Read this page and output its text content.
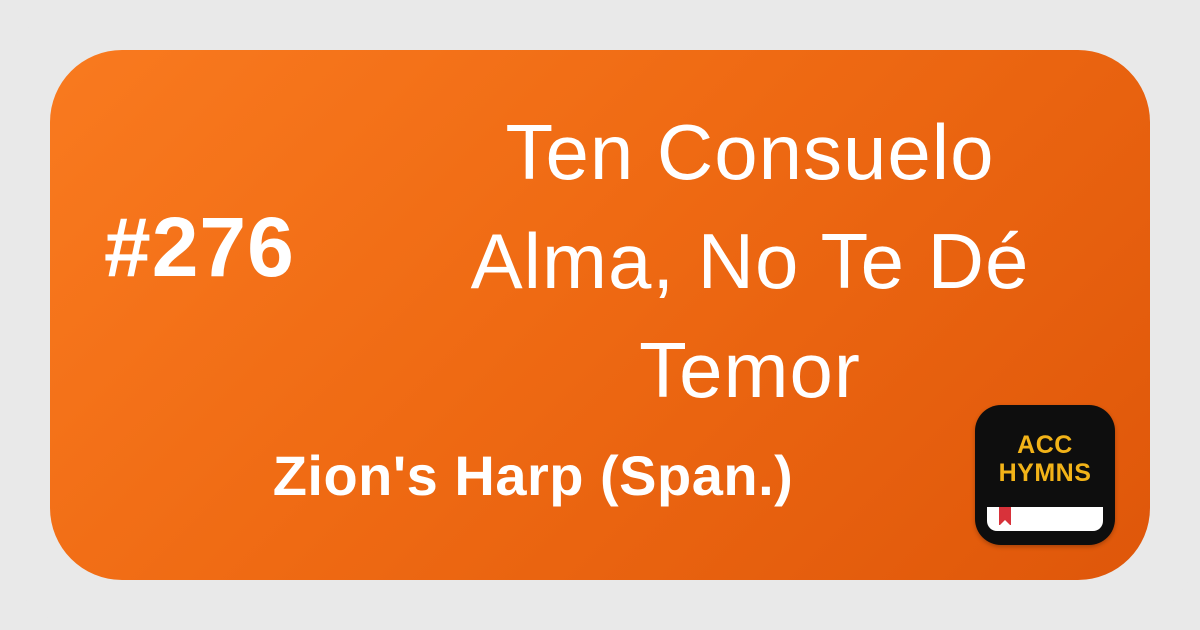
#276
Ten Consuelo
Alma, No Te Dé
Temor

Zion's Harp (Span.)	ACC
HYMNS
